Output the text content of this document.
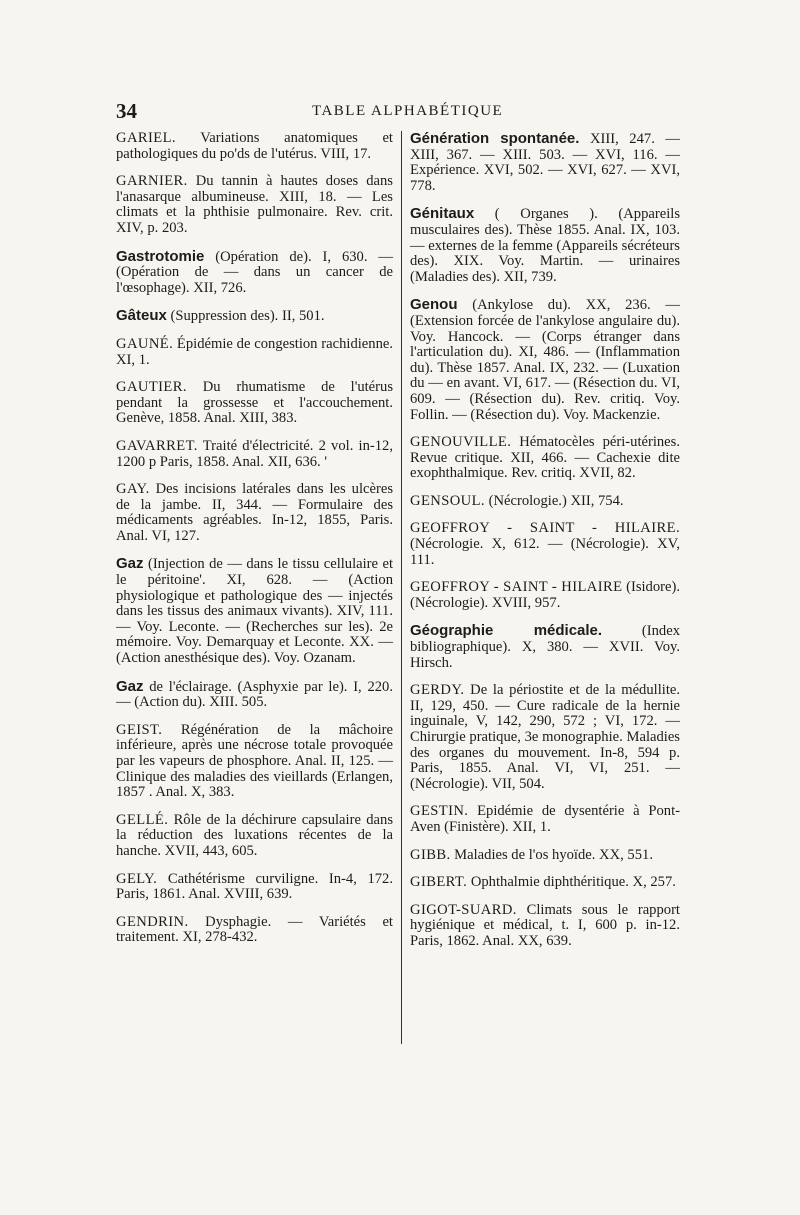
34	TABLE ALPHABÉTIQUE

GARIEL. Variations anatomiques et pathologiques du po'ds de l'utérus. VIII, 17.

GARNIER. Du tannin à hautes doses dans l'anasarque albumineuse. XIII, 18. — Les climats et la phthisie pulmonaire. Rev. crit. XIV, p. 203.

Gastrotomie (Opération de). I, 630. — (Opération de — dans un cancer de l'œsophage). XII, 726.

Gâteux (Suppression des). II, 501.

GAUNÉ. Épidémie de congestion rachidienne. XI, 1.

GAUTIER. Du rhumatisme de l'utérus pendant la grossesse et l'accouchement. Genève, 1858. Anal. XIII, 383.

GAVARRET. Traité d'électricité. 2 vol. in-12, 1200 p Paris, 1858. Anal. XII, 636. '

GAY. Des incisions latérales dans les ulcères de la jambe. II, 344. — Formulaire des médicaments agréables. In-12, 1855, Paris. Anal. VI, 127.

Gaz (Injection de — dans le tissu cellulaire et le péritoine'. XI, 628. — (Action physiologique et pathologique des — injectés dans les tissus des animaux vivants). XIV, 111. — Voy. Leconte. — (Recherches sur les). 2e mémoire. Voy. Demarquay et Leconte. XX. — (Action anesthésique des). Voy. Ozanam.

Gaz de l'éclairage. (Asphyxie par le). I, 220. — (Action du). XIII. 505.

GEIST. Régénération de la mâchoire inférieure, après une nécrose totale provoquée par les vapeurs de phosphore. Anal. II, 125. — Clinique des maladies des vieillards (Erlangen, 1857 . Anal. X, 383.

GELLÉ. Rôle de la déchirure capsulaire dans la réduction des luxations récentes de la hanche. XVII, 443, 605.

GELY. Cathétérisme curviligne. In-4, 172. Paris, 1861. Anal. XVIII, 639.

GENDRIN. Dysphagie. — Variétés et traitement. XI, 278-432.

Génération spontanée. XIII, 247. — XIII, 367. — XIII. 503. — XVI, 116. — Expérience. XVI, 502. — XVI, 627. — XVI, 778.

Génitaux ( Organes ). (Appareils musculaires des). Thèse 1855. Anal. IX, 103. — externes de la femme (Appareils sécréteurs des). XIX. Voy. Martin. — urinaires (Maladies des). XII, 739.

Genou (Ankylose du). XX, 236. — (Extension forcée de l'ankylose angulaire du). Voy. Hancock. — (Corps étranger dans l'articulation du). XI, 486. — (Inflammation du). Thèse 1857. Anal. IX, 232. — (Luxation du — en avant. VI, 617. — (Résection du. VI, 609. — (Résection du). Rev. critiq. Voy. Follin. — (Résection du). Voy. Mackenzie.

GENOUVILLE. Hématocèles péri-utérines. Revue critique. XII, 466. — Cachexie dite exophthalmique. Rev. critiq. XVII, 82.

GENSOUL. (Nécrologie.) XII, 754.

GEOFFROY - SAINT - HILAIRE. (Nécrologie. X, 612. — (Nécrologie). XV, 111.

GEOFFROY - SAINT - HILAIRE (Isidore). (Nécrologie). XVIII, 957.

Géographie médicale. (Index bibliographique). X, 380. — XVII. Voy. Hirsch.

GERDY. De la périostite et de la médullite. II, 129, 450. — Cure radicale de la hernie inguinale, V, 142, 290, 572 ; VI, 172. — Chirurgie pratique, 3e monographie. Maladies des organes du mouvement. In-8, 594 p. Paris, 1855. Anal. VI, VI, 251. — (Nécrologie). VII, 504.

GESTIN. Epidémie de dysentérie à Pont-Aven (Finistère). XII, 1.

GIBB. Maladies de l'os hyoïde. XX, 551.

GIBERT. Ophthalmie diphthéritique. X, 257.

GIGOT-SUARD. Climats sous le rapport hygiénique et médical, t. I, 600 p. in-12. Paris, 1862. Anal. XX, 639.
